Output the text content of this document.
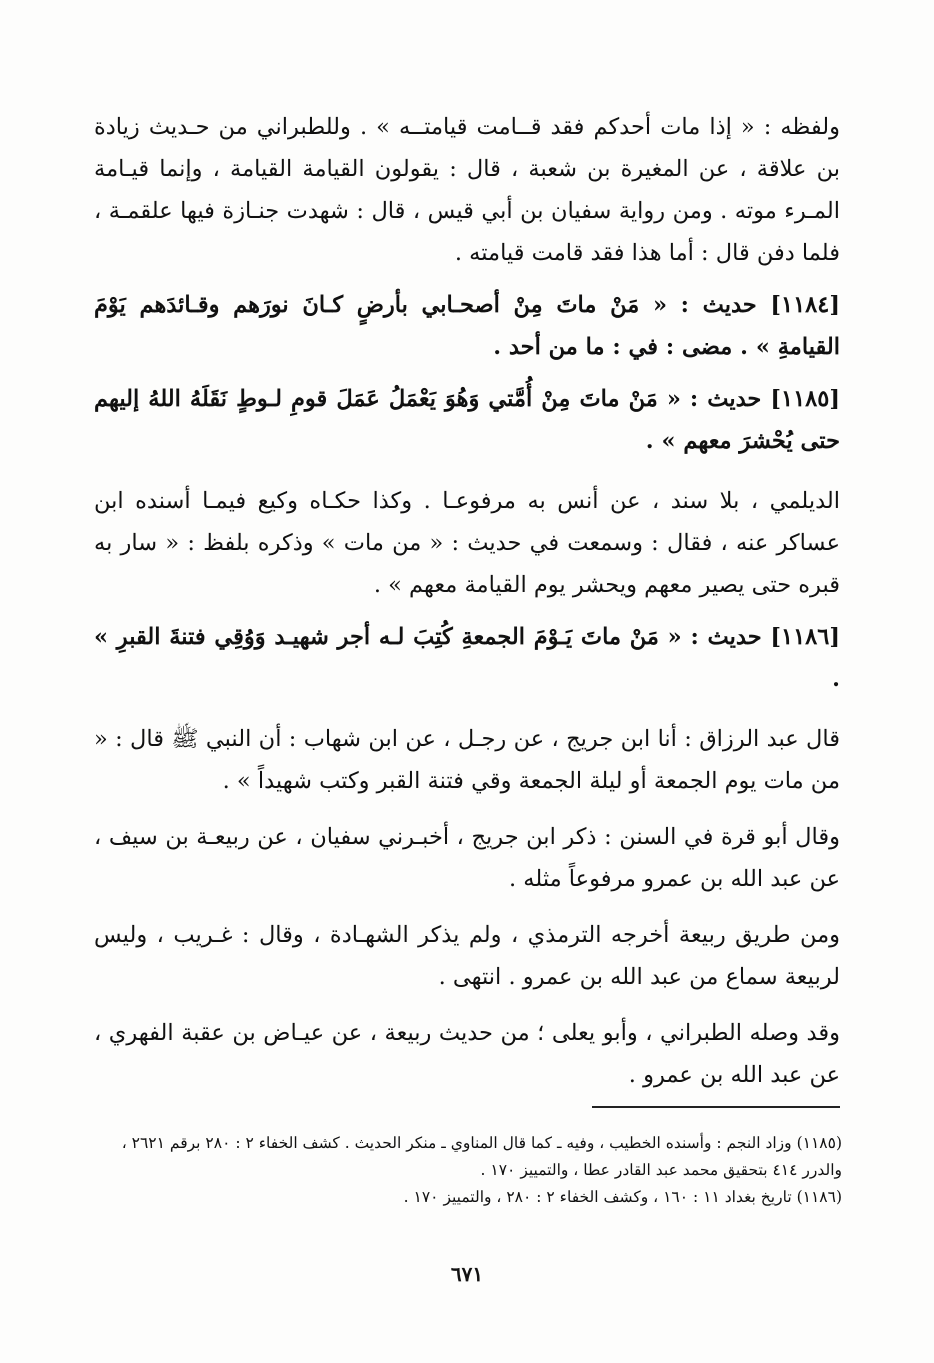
ولفظه : « إذا مات أحدكم فقد قــامت قيامتــه » . وللطبراني من حـديث زيادة بن علاقة ، عن المغيرة بن شعبة ، قال : يقولون القيامة القيامة ، وإنما قيـامة المـرء موته . ومن رواية سفيان بن أبي قيس ، قال : شهدت جنـازة فيها علقمـة ، فلما دفن قال : أما هذا فقد قامت قيامته .

[١١٨٤] حديث : « مَنْ ماتَ مِنْ أصحـابي بأرضٍ كـانَ نورَهم وقـائدَهم يَوْمَ القيامةِ » . مضى : في : ما من أحد .

[١١٨٥] حديث : « مَنْ ماتَ مِنْ أُمَّتي وَهُوَ يَعْمَلُ عَمَلَ قومِ لـوطٍ نَقَلَهُ اللهُ إليهم حتى يُحْشرَ معهم » .

الديلمي ، بلا سند ، عن أنس به مرفوعـا . وكذا حكـاه وكيع فيمـا أسنده ابن عساكر عنه ، فقال : وسمعت في حديث : « من مات » وذكره بلفظ : « سار به قبره حتى يصير معهم ويحشر يوم القيامة معهم » .

[١١٨٦] حديث : « مَنْ ماتَ يَـوْمَ الجمعةِ كُتِبَ لـه أجر شهيـد وَوُقِي فتنةَ القبرِ » .

قال عبد الرزاق : أنا ابن جريج ، عن رجـل ، عن ابن شهاب : أن النبي ﷺ قال : « من مات يوم الجمعة أو ليلة الجمعة وقي فتنة القبر وكتب شهيداً » .

وقال أبو قرة في السنن : ذكر ابن جريج ، أخبـرني سفيان ، عن ربيعـة بن سيف ، عن عبد الله بن عمرو مرفوعاً مثله .

ومن طريق ربيعة أخرجه الترمذي ، ولم يذكر الشهـادة ، وقال : غـريب ، وليس لربيعة سماع من عبد الله بن عمرو . انتهى .

وقد وصله الطبراني ، وأبو يعلى ؛ من حديث ربيعة ، عن عيـاض بن عقبة الفهري ، عن عبد الله بن عمرو .

(١١٨٥) وزاد النجم : وأسنده الخطيب ، وفيه ـ كما قال المناوي ـ منكر الحديث . كشف الخفاء ٢ : ٢٨٠ برقم ٢٦٢١ ، والدرر ٤١٤ بتحقيق محمد عبد القادر عطا ، والتمييز ١٧٠ .

(١١٨٦) تاريخ بغداد ١١ : ١٦٠ ، وكشف الخفاء ٢ : ٢٨٠ ، والتمييز ١٧٠ .

٦٧١
